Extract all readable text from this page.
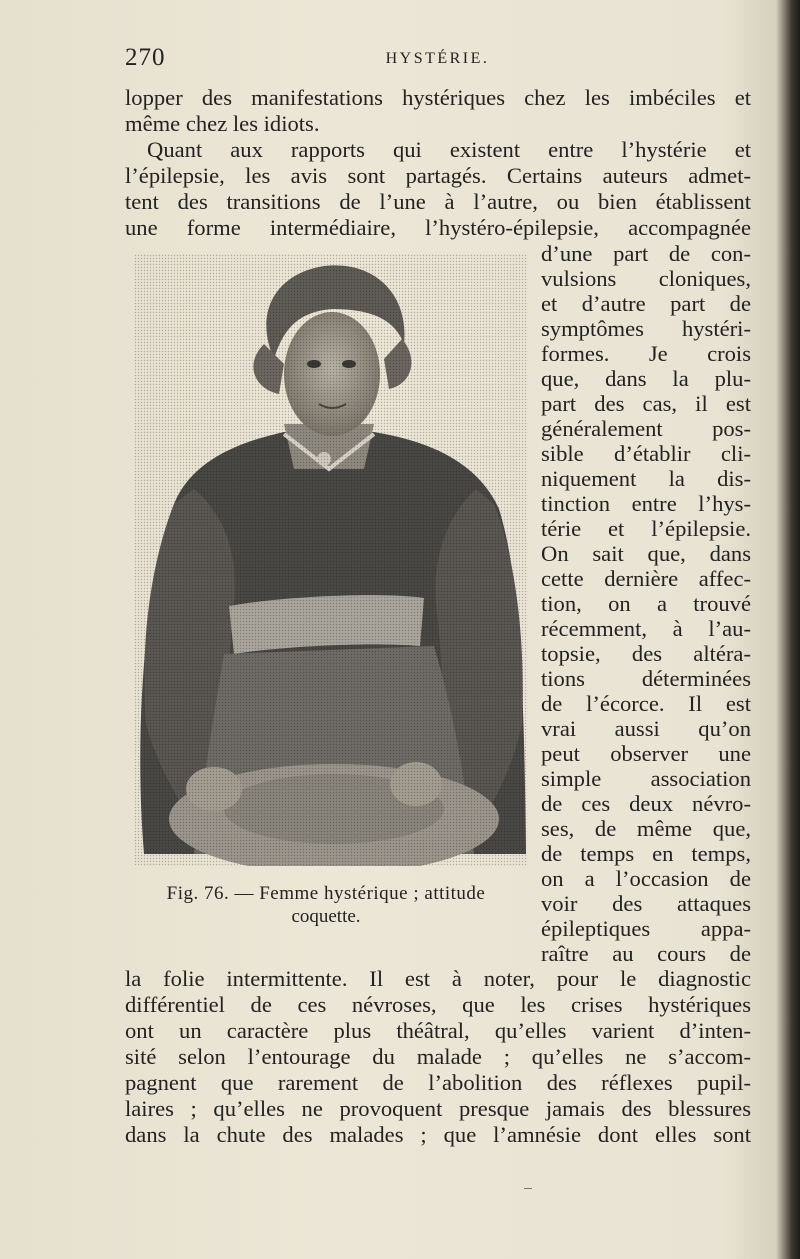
270	HYSTÉRIE.
lopper des manifestations hystériques chez les imbéciles et
même chez les idiots.
Quant aux rapports qui existent entre l’hystérie et
l’épilepsie, les avis sont partagés. Certains auteurs admet-
tent des transitions de l’une à l’autre, ou bien établissent
une forme intermédiaire, l’hystéro-épilepsie, accompagnée
d’une part de con-
vulsions cloniques,
et d’autre part de
symptômes hystéri-
formes. Je crois
que, dans la plu-
part des cas, il est
généralement pos-
sible d’établir cli-
niquement la dis-
tinction entre l’hys-
térie et l’épilepsie.
On sait que, dans
cette dernière affec-
tion, on a trouvé
récemment, à l’au-
topsie, des altéra-
tions déterminées
de l’écorce. Il est
vrai aussi qu’on
peut observer une
simple association
de ces deux névro-
ses, de même que,
de temps en temps,
on a l’occasion de
voir des attaques
épileptiques appa-
raître au cours de
la folie intermittente. Il est à noter, pour le diagnostic
différentiel de ces névroses, que les crises hystériques
ont un caractère plus théâtral, qu’elles varient d’inten-
sité selon l’entourage du malade ; qu’elles ne s’accom-
pagnent que rarement de l’abolition des réflexes pupil-
laires ; qu’elles ne provoquent presque jamais des blessures
dans la chute des malades ; que l’amnésie dont elles sont
Fig. 76. — Femme hystérique ; attitude
coquette.
